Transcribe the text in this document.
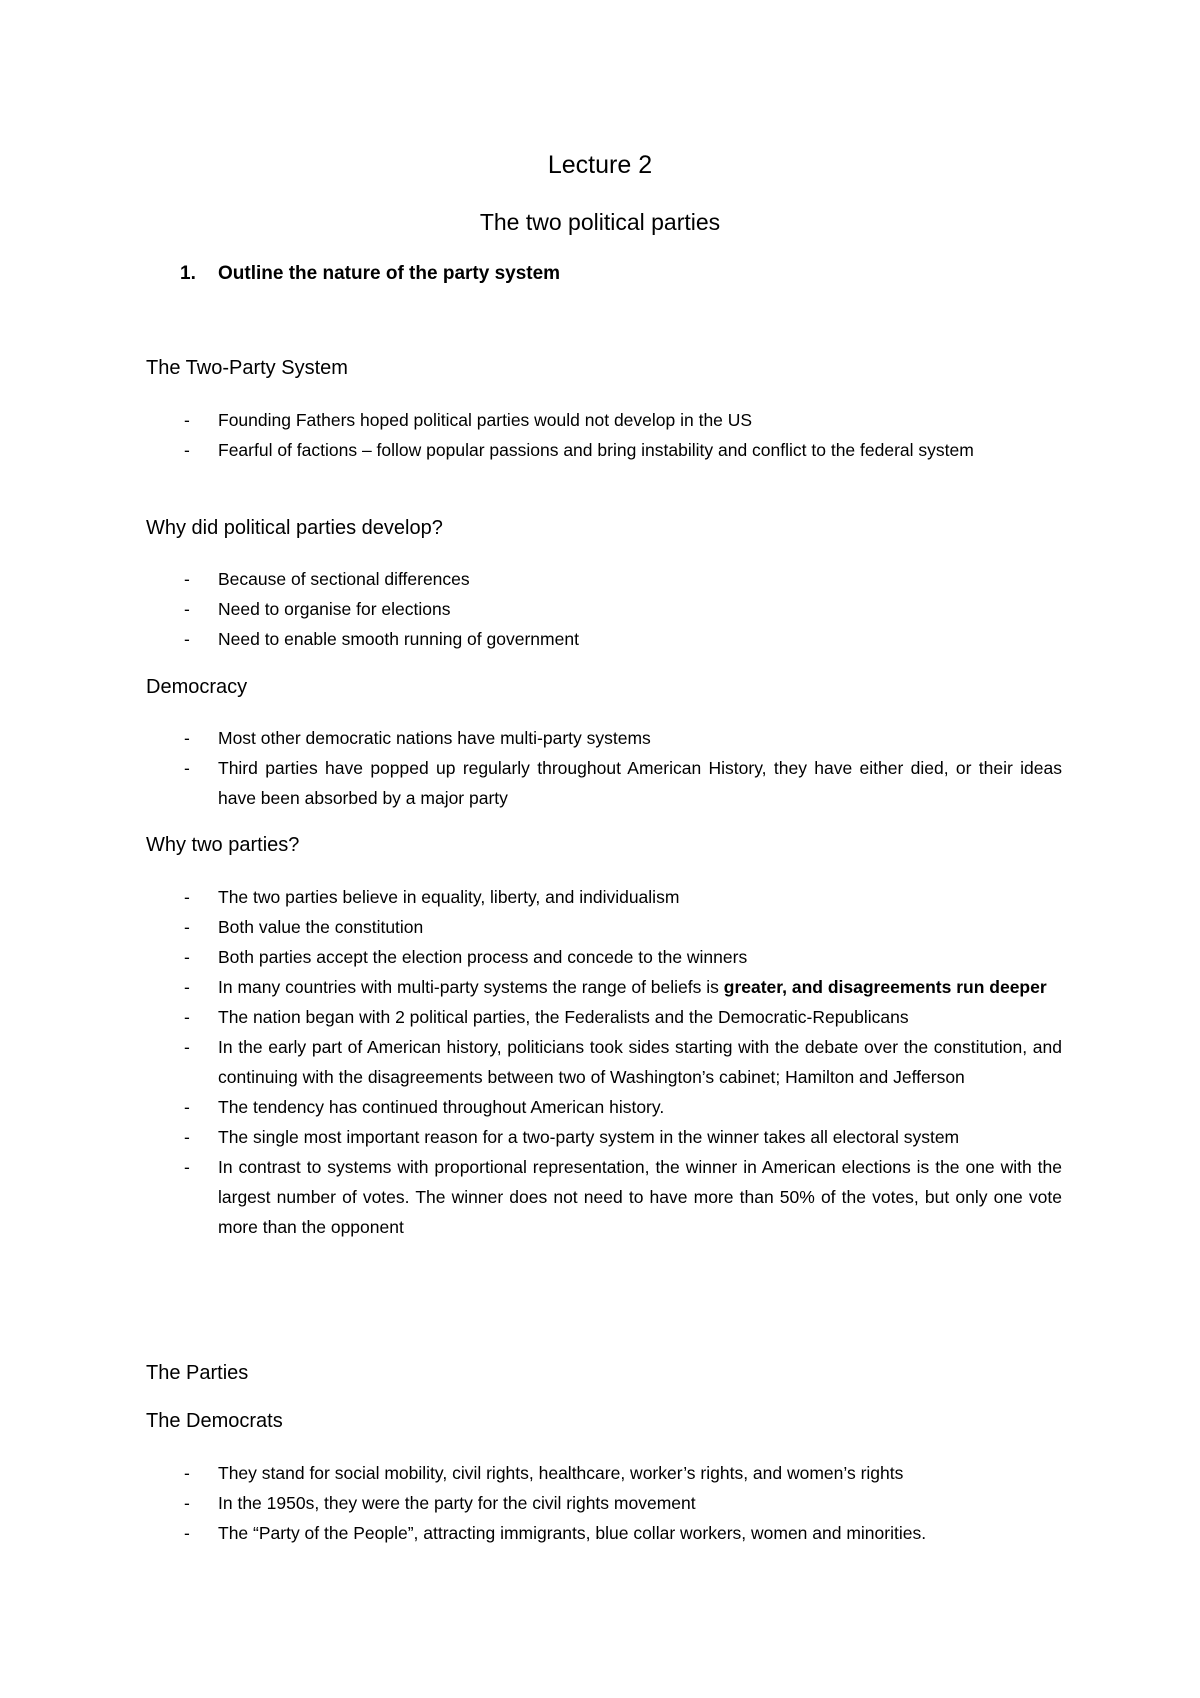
Lecture 2
The two political parties
1.	Outline the nature of the party system
The Two-Party System
- Founding Fathers hoped political parties would not develop in the US
- Fearful of factions – follow popular passions and bring instability and conflict to the federal system
Why did political parties develop?
- Because of sectional differences
- Need to organise for elections
- Need to enable smooth running of government
Democracy
- Most other democratic nations have multi-party systems
- Third parties have popped up regularly throughout American History, they have either died, or their ideas have been absorbed by a major party
Why two parties?
- The two parties believe in equality, liberty, and individualism
- Both value the constitution
- Both parties accept the election process and concede to the winners
- In many countries with multi-party systems the range of beliefs is greater, and disagreements run deeper
- The nation began with 2 political parties, the Federalists and the Democratic-Republicans
- In the early part of American history, politicians took sides starting with the debate over the constitution, and continuing with the disagreements between two of Washington’s cabinet; Hamilton and Jefferson
- The tendency has continued throughout American history.
- The single most important reason for a two-party system in the winner takes all electoral system
- In contrast to systems with proportional representation, the winner in American elections is the one with the largest number of votes. The winner does not need to have more than 50% of the votes, but only one vote more than the opponent
The Parties
The Democrats
- They stand for social mobility, civil rights, healthcare, worker’s rights, and women’s rights
- In the 1950s, they were the party for the civil rights movement
- The “Party of the People”, attracting immigrants, blue collar workers, women and minorities.
